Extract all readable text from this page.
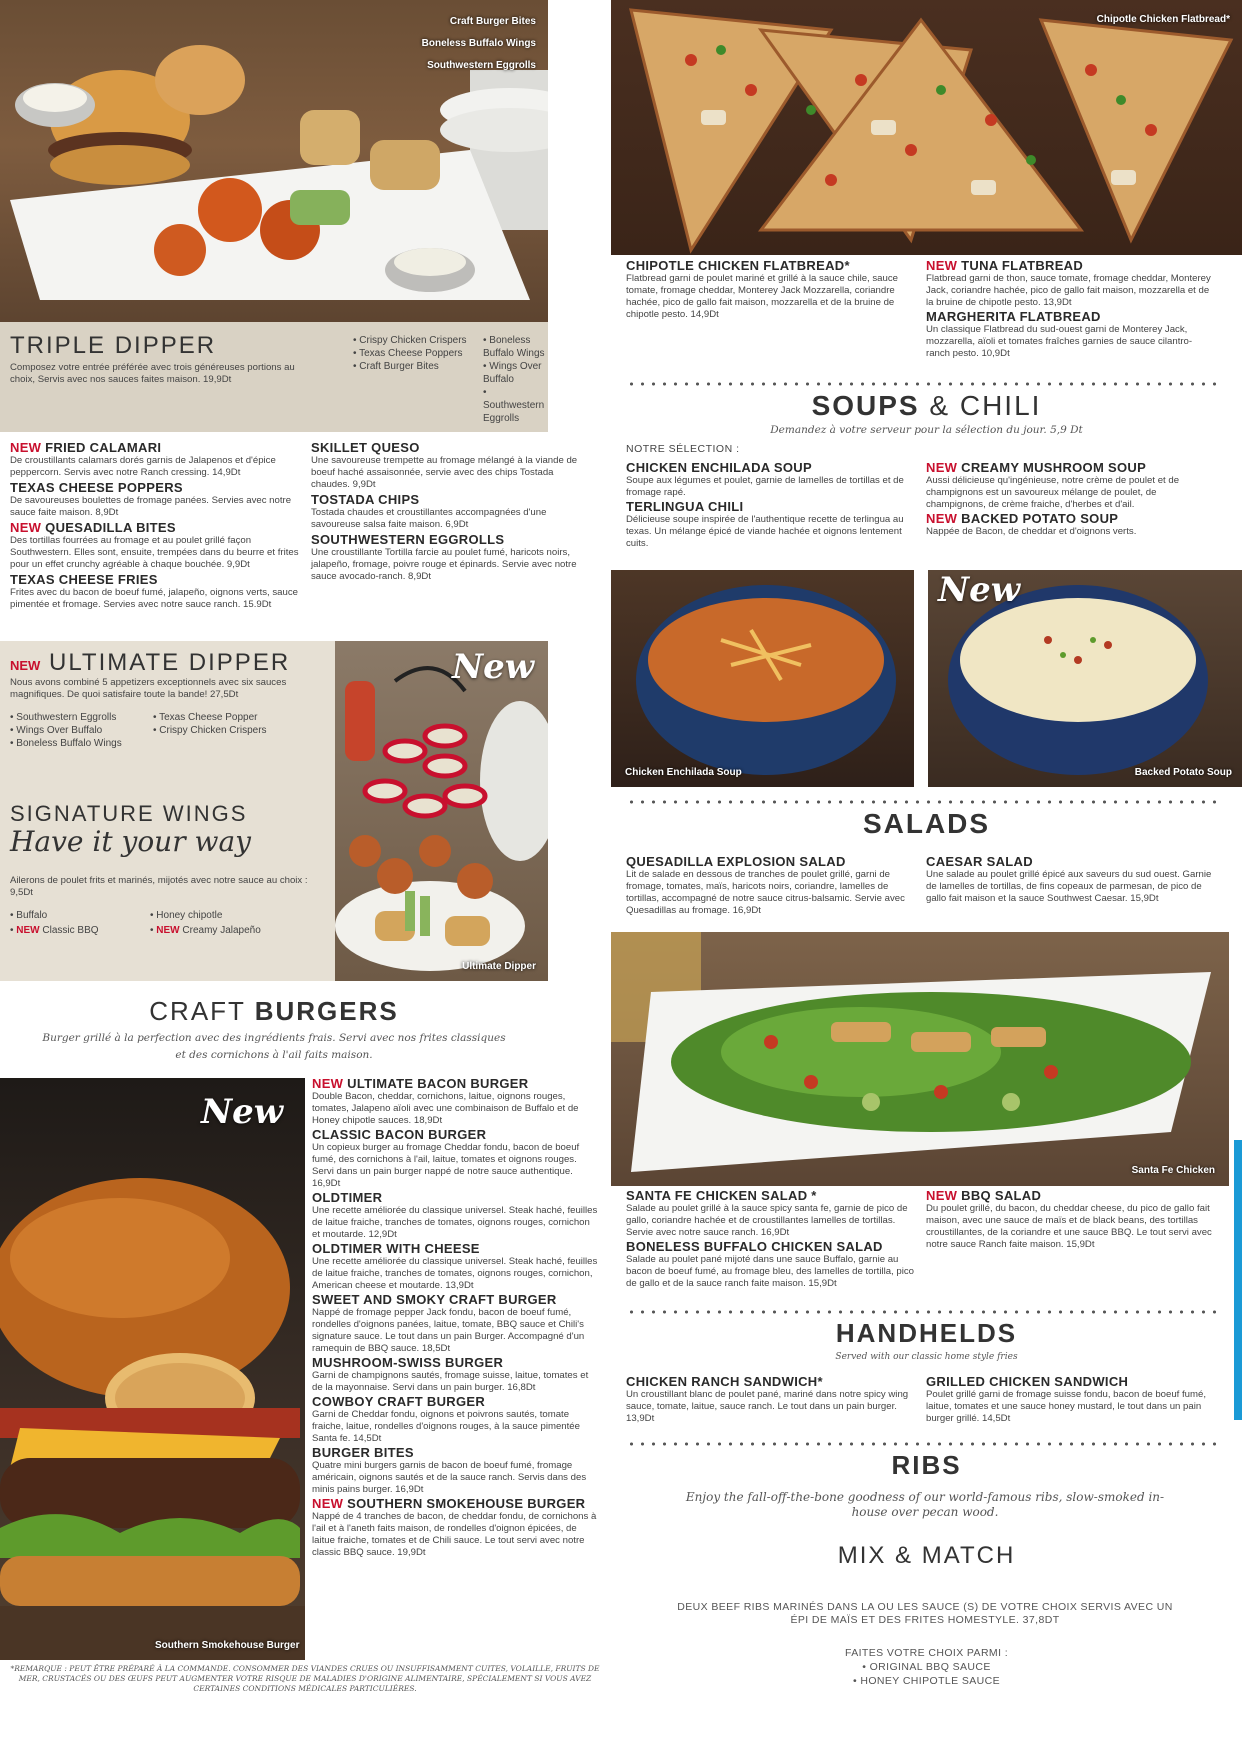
Craft Burger Bites
Boneless Buffalo Wings
Southwestern Eggrolls
TRIPLE DIPPER
Composez votre entrée préférée avec trois généreuses portions au choix, Servis avec nos sauces faites maison. 19,9Dt
• Crispy Chicken Crispers
• Texas Cheese Poppers
• Craft Burger Bites
• Boneless Buffalo Wings
• Wings Over Buffalo
• Southwestern Eggrolls
NEW FRIED CALAMARI
De croustillants calamars dorés garnis de Jalapenos et d'épice peppercorn. Servis avec notre Ranch cressing. 14,9Dt
TEXAS CHEESE POPPERS
De savoureuses boulettes de fromage panées. Servies avec notre sauce faite maison. 8,9Dt
NEW QUESADILLA BITES
Des tortillas fourrées au fromage et au poulet grillé façon Southwestern. Elles sont, ensuite, trempées dans du beurre et frites pour un effet crunchy agréable à chaque bouchée. 9,9Dt
TEXAS CHEESE FRIES
Frites avec du bacon de boeuf fumé, jalapeño, oignons verts, sauce pimentée et fromage. Servies avec notre sauce ranch. 15.9Dt
SKILLET QUESO
Une savoureuse trempette au fromage mélangé à la viande de boeuf haché assaisonnée, servie avec des chips Tostada chaudes. 9,9Dt
TOSTADA CHIPS
Tostada chaudes et croustillantes accompagnées d'une savoureuse salsa faite maison. 6,9Dt
SOUTHWESTERN EGGROLLS
Une croustillante Tortilla farcie au poulet fumé, haricots noirs, jalapeño, fromage, poivre rouge et épinards. Servie avec notre sauce avocado-ranch. 8,9Dt
NEW ULTIMATE DIPPER
Nous avons combiné 5 appetizers exceptionnels avec six sauces magnifiques. De quoi satisfaire toute la bande! 27,5Dt
• Southwestern Eggrolls
• Wings Over Buffalo
• Boneless Buffalo Wings
• Texas Cheese Popper
• Crispy Chicken Crispers
SIGNATURE WINGS
Have it your way
Ailerons de poulet frits et marinés, mijotés avec notre sauce au choix : 9,5Dt
• Buffalo
• NEW Classic BBQ
• Honey chipotle
• NEW Creamy Jalapeño
New
Ultimate Dipper
CRAFT BURGERS
Burger grillé à la perfection avec des ingrédients frais. Servi avec nos frites classiques et des cornichons à l'ail faits maison.
New
Southern Smokehouse Burger
NEW ULTIMATE BACON BURGER
Double Bacon, cheddar, cornichons, laitue, oignons rouges, tomates, Jalapeno aïoli avec une combinaison de Buffalo et de Honey chipotle sauces. 18,9Dt
CLASSIC BACON BURGER
Un copieux burger au fromage Cheddar fondu, bacon de boeuf fumé, des cornichons à l'ail, laitue, tomates et oignons rouges. Servi dans un pain burger nappé de notre sauce authentique. 16,9Dt
OLDTIMER
Une recette améliorée du classique universel. Steak haché, feuilles de laitue fraiche, tranches de tomates, oignons rouges, cornichon et moutarde. 12,9Dt
OLDTIMER WITH CHEESE
Une recette améliorée du classique universel. Steak haché, feuilles de laitue fraiche, tranches de tomates, oignons rouges, cornichon, American cheese et moutarde. 13,9Dt
SWEET AND SMOKY CRAFT BURGER
Nappé de fromage pepper Jack fondu, bacon de boeuf fumé, rondelles d'oignons panées, laitue, tomate, BBQ sauce et Chili's signature sauce. Le tout dans un pain Burger. Accompagné d'un ramequin de BBQ sauce. 18,5Dt
MUSHROOM-SWISS BURGER
Garni de champignons sautés, fromage suisse, laitue, tomates et de la mayonnaise. Servi dans un pain burger. 16,8Dt
COWBOY CRAFT BURGER
Garni de Cheddar fondu, oignons et poivrons sautés, tomate fraiche, laitue, rondelles d'oignons rouges, à la sauce pimentée Santa fe. 14,5Dt
BURGER BITES
Quatre mini burgers garnis de bacon de boeuf fumé, fromage américain, oignons sautés et de la sauce ranch. Servis dans des minis pains burger. 16,9Dt
NEW SOUTHERN SMOKEHOUSE BURGER
Nappé de 4 tranches de bacon, de cheddar fondu, de cornichons à l'ail et à l'aneth faits maison, de rondelles d'oignon épicées, de laitue fraiche, tomates et de Chili sauce. Le tout servi avec notre classic BBQ sauce. 19,9Dt
*REMARQUE : PEUT ÊTRE PRÉPARÉ À LA COMMANDE. CONSOMMER DES VIANDES CRUES OU INSUFFISAMMENT CUITES, VOLAILLE, FRUITS DE MER, CRUSTACÉS OU DES ŒUFS PEUT AUGMENTER VOTRE RISQUE DE MALADIES D'ORIGINE ALIMENTAIRE, SPÉCIALEMENT SI VOUS AVEZ CERTAINES CONDITIONS MÉDICALES PARTICULIÈRES.
Chipotle Chicken Flatbread*
CHIPOTLE CHICKEN FLATBREAD*
Flatbread garni de poulet mariné et grillé à la sauce chile, sauce tomate, fromage cheddar, Monterey Jack Mozzarella, coriandre hachée, pico de gallo fait maison, mozzarella et de la bruine de chipotle pesto. 14,9Dt
NEW TUNA FLATBREAD
Flatbread garni de thon, sauce tomate, fromage cheddar, Monterey Jack, coriandre hachée, pico de gallo fait maison, mozzarella et de la bruine de chipotle pesto. 13,9Dt
MARGHERITA FLATBREAD
Un classique Flatbread du sud-ouest garni de Monterey Jack, mozzarella, aïoli et tomates fraîches garnies de sauce cilantro-ranch pesto. 10,9Dt
SOUPS & CHILI
Demandez à votre serveur pour la sélection du jour. 5,9 Dt
NOTRE SÉLECTION :
CHICKEN ENCHILADA SOUP
Soupe aux légumes et poulet, garnie de lamelles de tortillas et de fromage rapé.
TERLINGUA CHILI
Délicieuse soupe inspirée de l'authentique recette de terlingua au texas. Un mélange épicé de viande hachée et oignons lentement cuits.
NEW CREAMY MUSHROOM SOUP
Aussi délicieuse qu'ingénieuse, notre crème de poulet et de champignons est un savoureux mélange de poulet, de champignons, de crème fraiche, d'herbes et d'ail.
NEW BACKED POTATO SOUP
Nappée de Bacon, de cheddar et d'oignons verts.
Chicken Enchilada Soup
New
Backed Potato Soup
SALADS
QUESADILLA EXPLOSION SALAD
Lit de salade en dessous de tranches de poulet grillé, garni de fromage, tomates, maïs, haricots noirs, coriandre, lamelles de tortillas, accompagné de notre sauce citrus-balsamic. Servie avec Quesadillas au fromage. 16,9Dt
CAESAR SALAD
Une salade au poulet grillé épicé aux saveurs du sud ouest. Garnie de lamelles de tortillas, de fins copeaux de parmesan, de pico de gallo fait maison et la sauce Southwest Caesar. 15,9Dt
Santa Fe Chicken
SANTA FE CHICKEN SALAD *
Salade au poulet grillé à la sauce spicy santa fe, garnie de pico de gallo, coriandre hachée et de croustillantes lamelles de tortillas. Servie avec notre sauce ranch. 16,9Dt
BONELESS BUFFALO CHICKEN SALAD
Salade au poulet pané mijoté dans une sauce Buffalo, garnie au bacon de boeuf fumé, au fromage bleu, des lamelles de tortilla, pico de gallo et de la sauce ranch faite maison. 15,9Dt
NEW BBQ SALAD
Du poulet grillé, du bacon, du cheddar cheese, du pico de gallo fait maison, avec une sauce de maïs et de black beans, des tortillas croustillantes, de la coriandre et une sauce BBQ. Le tout servi avec notre sauce Ranch faite maison. 15,9Dt
HANDHELDS
Served with our classic home style fries
CHICKEN RANCH SANDWICH*
Un croustillant blanc de poulet pané, mariné dans notre spicy wing sauce, tomate, laitue, sauce ranch. Le tout dans un pain burger. 13,9Dt
GRILLED CHICKEN SANDWICH
Poulet grillé garni de fromage suisse fondu, bacon de boeuf fumé, laitue, tomates et une sauce honey mustard, le tout dans un pain burger grillé. 14,5Dt
RIBS
Enjoy the fall-off-the-bone goodness of our world-famous ribs, slow-smoked in-house over pecan wood.
MIX & MATCH
DEUX BEEF RIBS MARINÉS DANS LA OU LES SAUCE (S) DE VOTRE CHOIX SERVIS AVEC UN ÉPI DE MAÏS ET DES FRITES HOMESTYLE. 37,8DT
FAITES VOTRE CHOIX PARMI :
• ORIGINAL BBQ SAUCE
• HONEY CHIPOTLE SAUCE
